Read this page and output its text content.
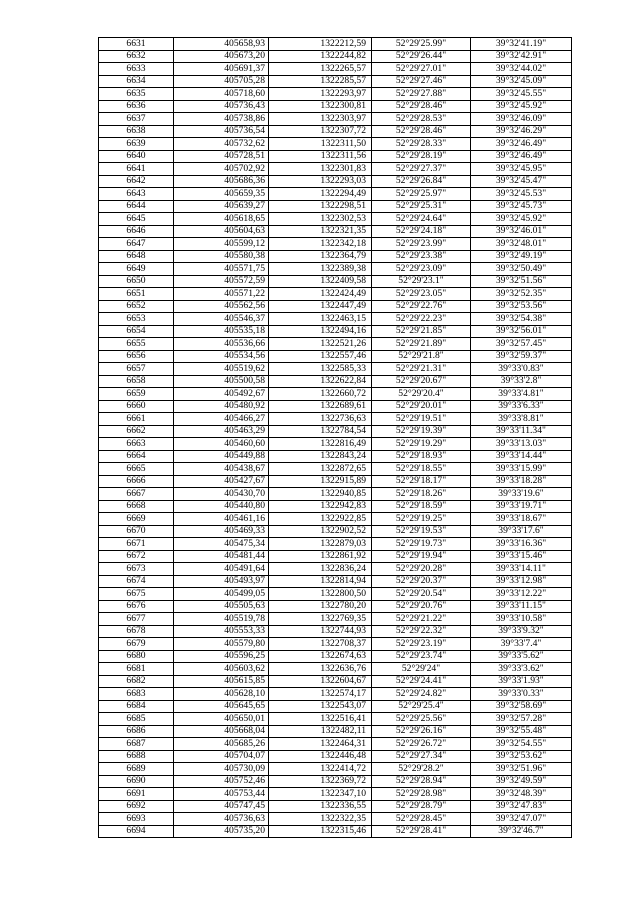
6631	405658,93	1322212,59	52°29'25.99"	39°32'41.19"
6632	405673,20	1322244,82	52°29'26.44"	39°32'42.91"
6633	405691,37	1322265,57	52°29'27.01"	39°32'44.02"
6634	405705,28	1322285,57	52°29'27.46"	39°32'45.09"
6635	405718,60	1322293,97	52°29'27.88"	39°32'45.55"
6636	405736,43	1322300,81	52°29'28.46"	39°32'45.92"
6637	405738,86	1322303,97	52°29'28.53"	39°32'46.09"
6638	405736,54	1322307,72	52°29'28.46"	39°32'46.29"
6639	405732,62	1322311,50	52°29'28.33"	39°32'46.49"
6640	405728,51	1322311,56	52°29'28.19"	39°32'46.49"
6641	405702,92	1322301,83	52°29'27.37"	39°32'45.95"
6642	405686,36	1322293,03	52°29'26.84"	39°32'45.47"
6643	405659,35	1322294,49	52°29'25.97"	39°32'45.53"
6644	405639,27	1322298,51	52°29'25.31"	39°32'45.73"
6645	405618,65	1322302,53	52°29'24.64"	39°32'45.92"
6646	405604,63	1322321,35	52°29'24.18"	39°32'46.01"
6647	405599,12	1322342,18	52°29'23.99"	39°32'48.01"
6648	405580,38	1322364,79	52°29'23.38"	39°32'49.19"
6649	405571,75	1322389,38	52°29'23.09"	39°32'50.49"
6650	405572,59	1322409,58	52°29'23.1"	39°32'51.56"
6651	405571,22	1322424,49	52°29'23.05"	39°32'52.35"
6652	405562,56	1322447,49	52°29'22.76"	39°32'53.56"
6653	405546,37	1322463,15	52°29'22.23"	39°32'54.38"
6654	405535,18	1322494,16	52°29'21.85"	39°32'56.01"
6655	405536,66	1322521,26	52°29'21.89"	39°32'57.45"
6656	405534,56	1322557,46	52°29'21.8"	39°32'59.37"
6657	405519,62	1322585,33	52°29'21.31"	39°33'0.83"
6658	405500,58	1322622,84	52°29'20.67"	39°33'2.8"
6659	405492,67	1322660,72	52°29'20.4"	39°33'4.81"
6660	405480,92	1322689,61	52°29'20.01"	39°33'6.33"
6661	405466,27	1322736,63	52°29'19.51"	39°33'8.81"
6662	405463,29	1322784,54	52°29'19.39"	39°33'11.34"
6663	405460,60	1322816,49	52°29'19.29"	39°33'13.03"
6664	405449,88	1322843,24	52°29'18.93"	39°33'14.44"
6665	405438,67	1322872,65	52°29'18.55"	39°33'15.99"
6666	405427,67	1322915,89	52°29'18.17"	39°33'18.28"
6667	405430,70	1322940,85	52°29'18.26"	39°33'19.6"
6668	405440,80	1322942,83	52°29'18.59"	39°33'19.71"
6669	405461,16	1322922,85	52°29'19.25"	39°33'18.67"
6670	405469,33	1322902,52	52°29'19.53"	39°33'17.6"
6671	405475,34	1322879,03	52°29'19.73"	39°33'16.36"
6672	405481,44	1322861,92	52°29'19.94"	39°33'15.46"
6673	405491,64	1322836,24	52°29'20.28"	39°33'14.11"
6674	405493,97	1322814,94	52°29'20.37"	39°33'12.98"
6675	405499,05	1322800,50	52°29'20.54"	39°33'12.22"
6676	405505,63	1322780,20	52°29'20.76"	39°33'11.15"
6677	405519,78	1322769,35	52°29'21.22"	39°33'10.58"
6678	405553,33	1322744,93	52°29'22.32"	39°33'9.32"
6679	405579,80	1322708,37	52°29'23.19"	39°33'7.4"
6680	405596,25	1322674,63	52°29'23.74"	39°33'5.62"
6681	405603,62	1322636,76	52°29'24"	39°33'3.62"
6682	405615,85	1322604,67	52°29'24.41"	39°33'1.93"
6683	405628,10	1322574,17	52°29'24.82"	39°33'0.33"
6684	405645,65	1322543,07	52°29'25.4"	39°32'58.69"
6685	405650,01	1322516,41	52°29'25.56"	39°32'57.28"
6686	405668,04	1322482,11	52°29'26.16"	39°32'55.48"
6687	405685,26	1322464,31	52°29'26.72"	39°32'54.55"
6688	405704,07	1322446,48	52°29'27.34"	39°32'53.62"
6689	405730,09	1322414,72	52°29'28.2"	39°32'51.96"
6690	405752,46	1322369,72	52°29'28.94"	39°32'49.59"
6691	405753,44	1322347,10	52°29'28.98"	39°32'48.39"
6692	405747,45	1322336,55	52°29'28.79"	39°32'47.83"
6693	405736,63	1322322,35	52°29'28.45"	39°32'47.07"
6694	405735,20	1322315,46	52°29'28.41"	39°32'46.7"
